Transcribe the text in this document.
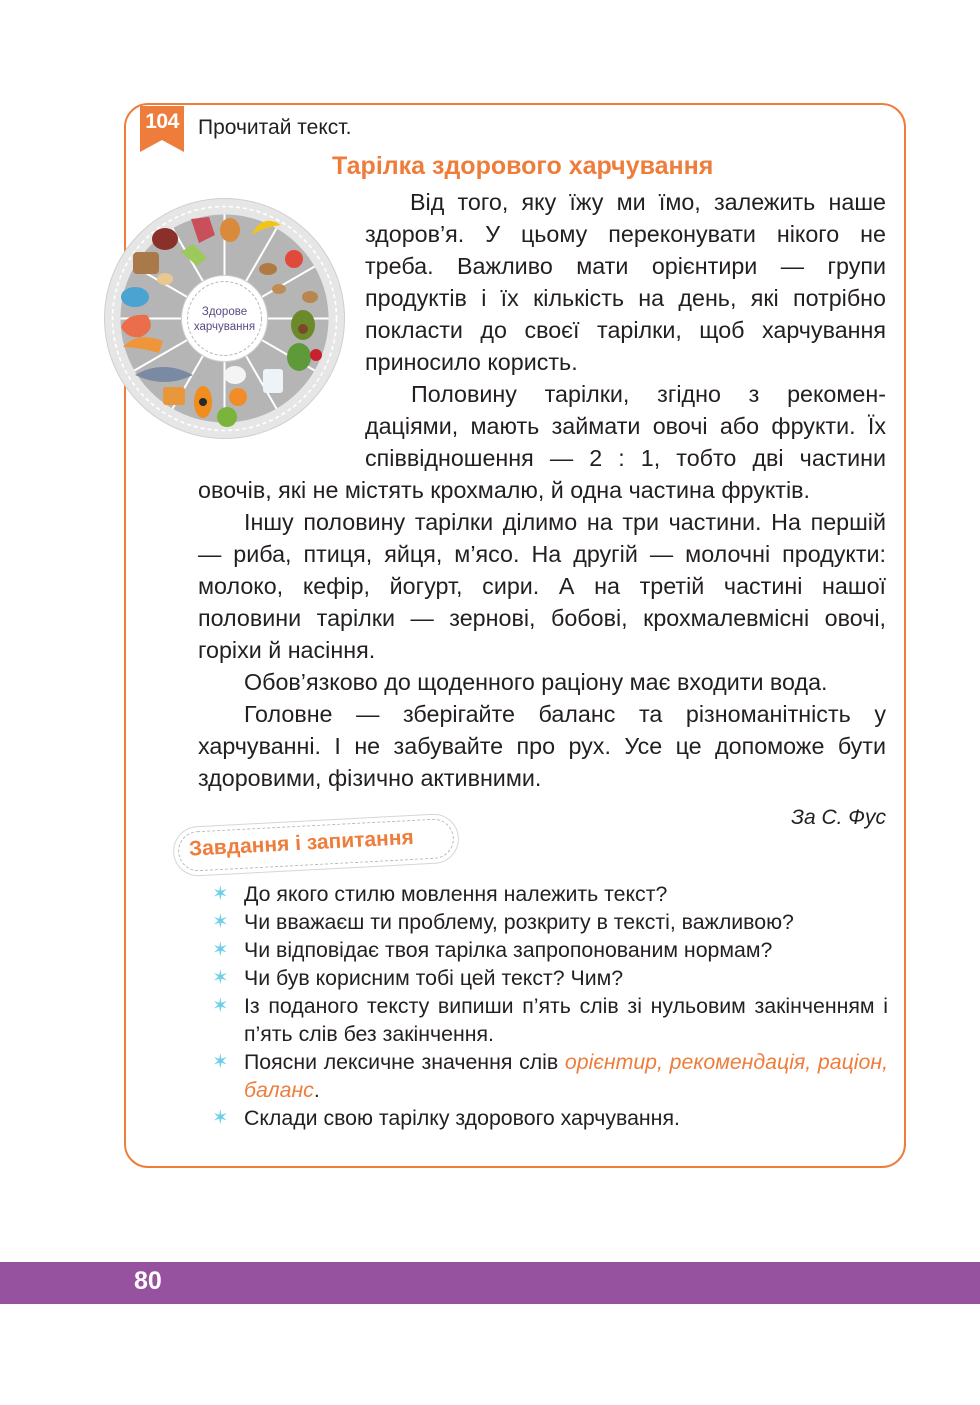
104 Прочитай текст.
Тарілка здорового харчування
Здорове
харчування

Від того, яку їжу ми їмо, залежить наше здоров’я. У цьому переконувати нікого не треба. Важливо мати орієнтири — групи продуктів і їх кількість на день, які потрібно покласти до своєї тарілки, щоб харчування приносило користь.

Половину тарілки, згідно з рекомендаціями, мають займати овочі або фрукти. Їх співвідношення — 2 : 1, тобто дві частини овочів, які не містять крохмалю, й одна частина фруктів.

Іншу половину тарілки ділимо на три частини. На першій — риба, птиця, яйця, м’ясо. На другій — молочні продукти: молоко, кефір, йогурт, сири. А на третій частині нашої половини тарілки — зернові, бобові, крохмалевмісні овочі, горіхи й насіння.

Обов’язково до щоденного раціону має входити вода.

Головне — зберігайте баланс та різноманітність у харчуванні. І не забувайте про рух. Усе це допоможе бути здоровими, фізично активними.

За С. Фус
Завдання і запитання
✶ До якого стилю мовлення належить текст?
✶ Чи вважаєш ти проблему, розкриту в тексті, важливою?
✶ Чи відповідає твоя тарілка запропонованим нормам?
✶ Чи був корисним тобі цей текст? Чим?
✶ Із поданого тексту випиши п’ять слів зі нульовим закінченням і п’ять слів без закінчення.
✶ Поясни лексичне значення слів орієнтир, рекомендація, раціон, баланс.
✶ Склади свою тарілку здорового харчування.
80
